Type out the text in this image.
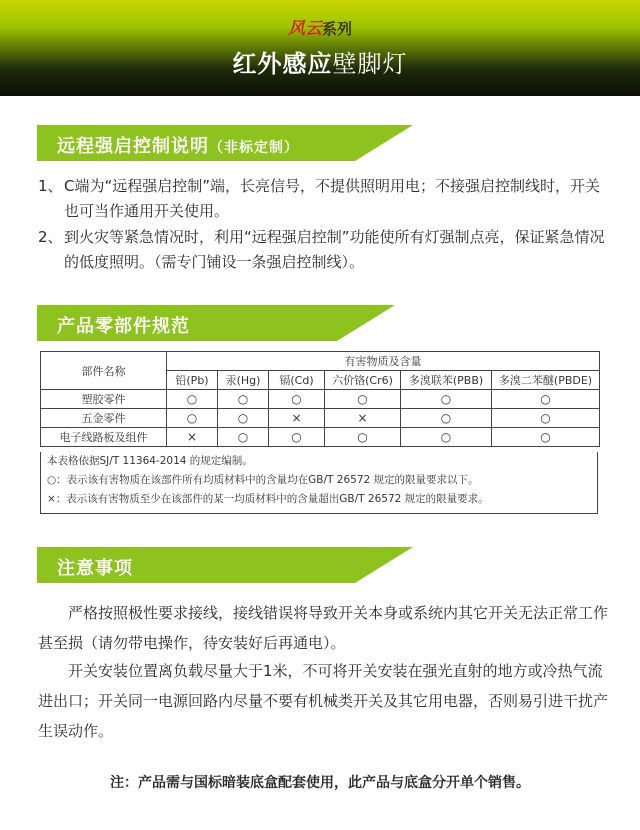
风云系列
红外感应壁脚灯
远程强启控制说明（非标定制）
1、 C端为“远程强启控制”端，长亮信号，不提供照明用电；不接强启控制线时，开关也可当作通用开关使用。
2、 到火灾等紧急情况时，利用“远程强启控制”功能使所有灯强制点亮，保证紧急情况的低度照明。（需专门铺设一条强启控制线）。
产品零部件规范
部件名称	有害物质及含量					
	铅(Pb)	汞(Hg)	镉(Cd)	六价铬(Cr6)	多溴联苯(PBB)	多溴二苯醚(PBDE)
塑胶零件	○	○	○	○	○	○
五金零件	○	○	×	×	○	○
电子线路板及组件	×	○	○	○	○	○
本表格依据SJ/T 11364-2014 的规定编制。
○：表示该有害物质在该部件所有均质材料中的含量均在GB/T 26572 规定的限量要求以下。
×：表示该有害物质至少在该部件的某一均质材料中的含量超出GB/T 26572 规定的限量要求。
注意事项
严格按照极性要求接线，接线错误将导致开关本身或系统内其它开关无法正常工作甚至损（请勿带电操作，待安装好后再通电）。
开关安装位置离负载尽量大于1米，不可将开关安装在强光直射的地方或冷热气流进出口；开关同一电源回路内尽量不要有机械类开关及其它用电器，否则易引进干扰产生误动作。
注：产品需与国标暗装底盒配套使用，此产品与底盒分开单个销售。
